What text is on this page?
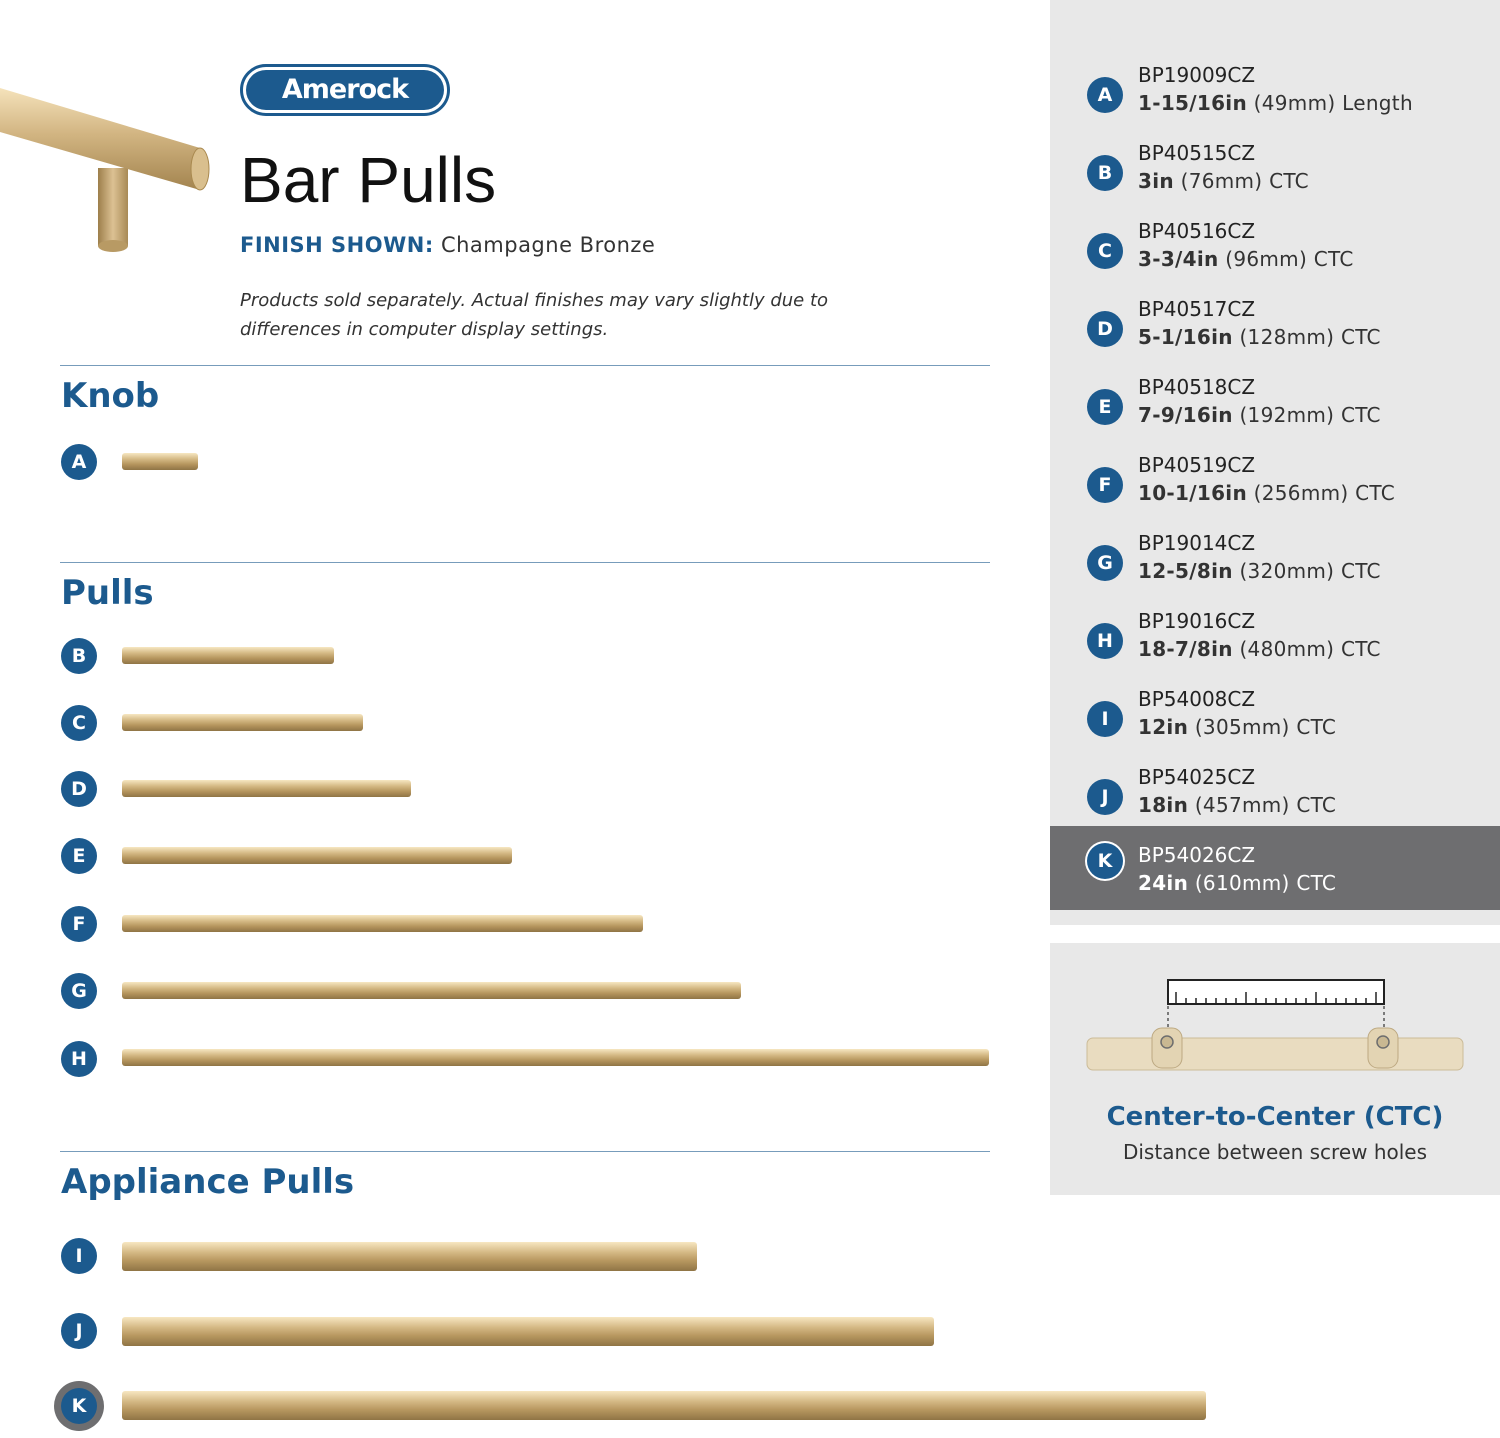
Amerock
Bar Pulls
FINISH SHOWN: Champagne Bronze
Products sold separately. Actual finishes may vary slightly due to differences in computer display settings.
Knob
Pulls
Appliance Pulls
A
B
C
D
E
F
G
H
I
J
K
A
BP19009CZ
1-15/16in (49mm) Length
B
BP40515CZ
3in (76mm) CTC
C
BP40516CZ
3-3/4in (96mm) CTC
D
BP40517CZ
5-1/16in (128mm) CTC
E
BP40518CZ
7-9/16in (192mm) CTC
F
BP40519CZ
10-1/16in (256mm) CTC
G
BP19014CZ
12-5/8in (320mm) CTC
H
BP19016CZ
18-7/8in (480mm) CTC
I
BP54008CZ
12in (305mm) CTC
J
BP54025CZ
18in (457mm) CTC
K	BP54026CZ
24in (610mm) CTC
Center-to-Center (CTC)
Distance between screw holes
